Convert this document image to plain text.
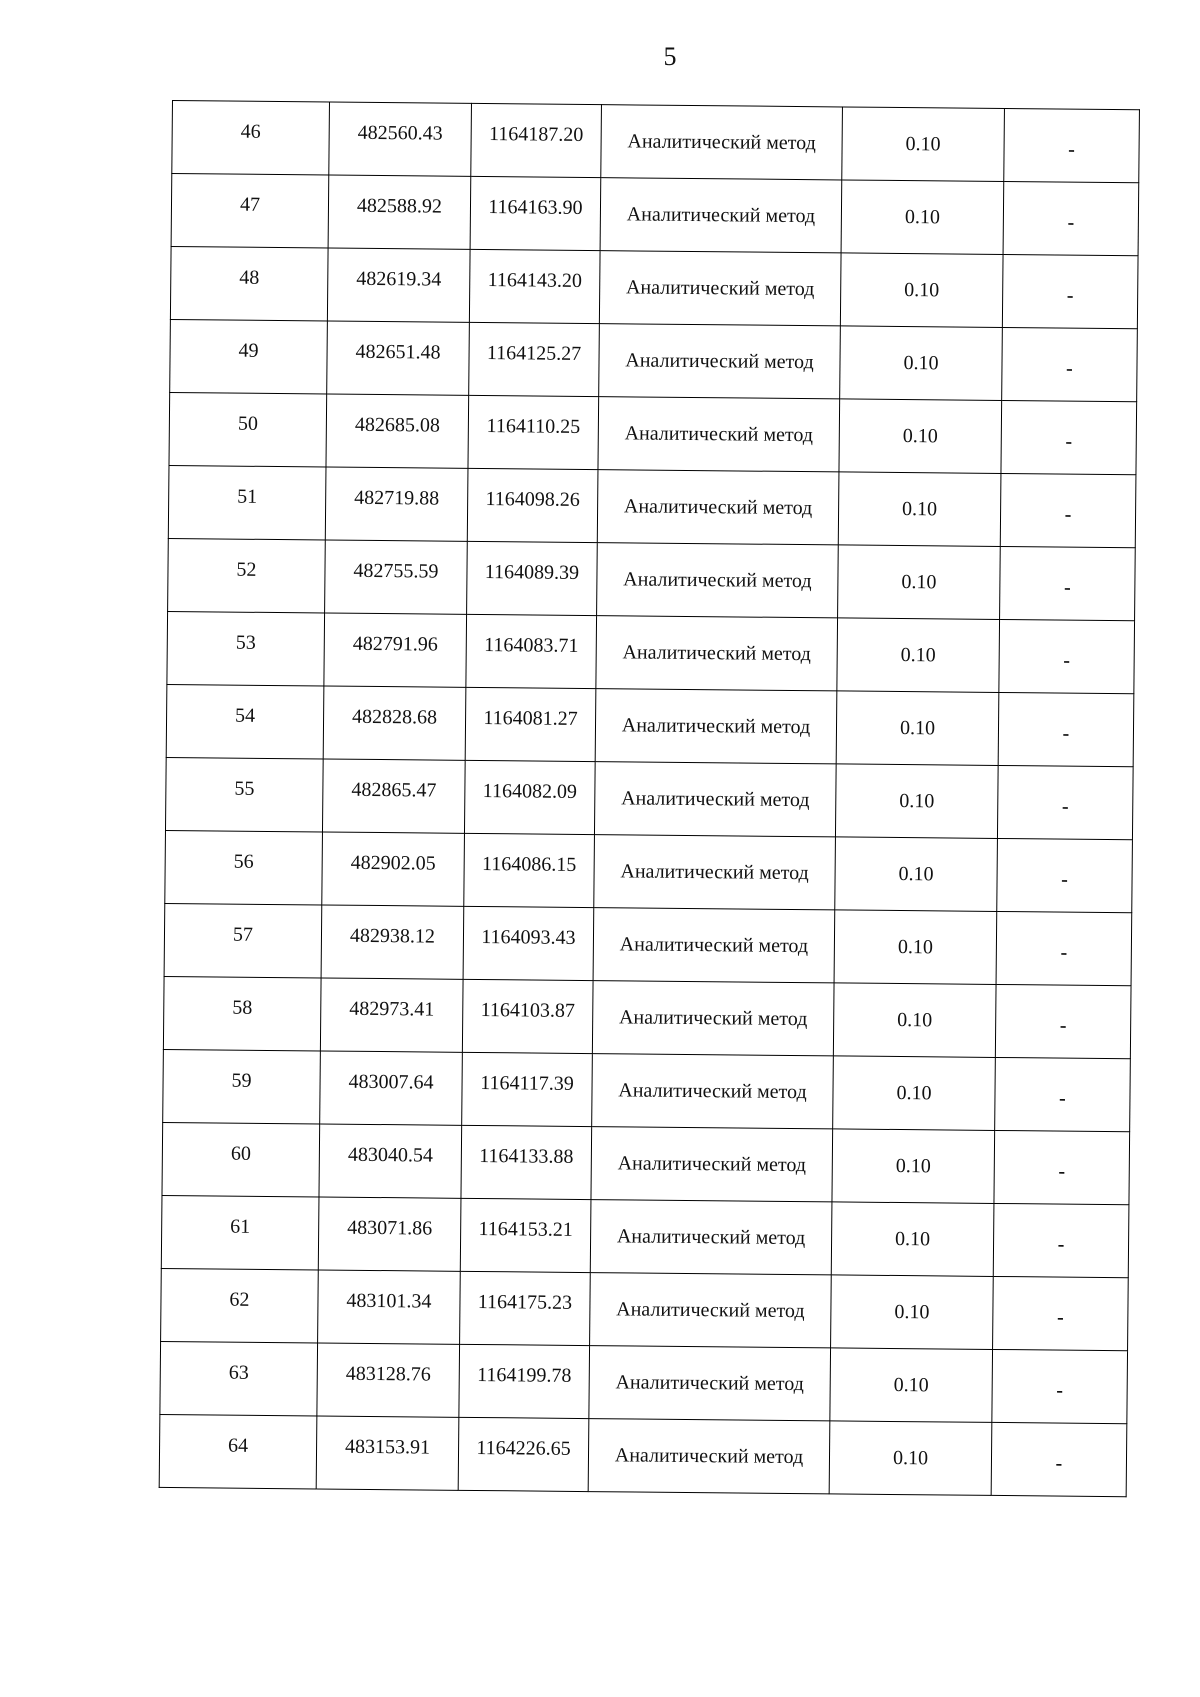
5
46	482560.43	1164187.20	Аналитический метод	0.10	-
47	482588.92	1164163.90	Аналитический метод	0.10	-
48	482619.34	1164143.20	Аналитический метод	0.10	-
49	482651.48	1164125.27	Аналитический метод	0.10	-
50	482685.08	1164110.25	Аналитический метод	0.10	-
51	482719.88	1164098.26	Аналитический метод	0.10	-
52	482755.59	1164089.39	Аналитический метод	0.10	-
53	482791.96	1164083.71	Аналитический метод	0.10	-
54	482828.68	1164081.27	Аналитический метод	0.10	-
55	482865.47	1164082.09	Аналитический метод	0.10	-
56	482902.05	1164086.15	Аналитический метод	0.10	-
57	482938.12	1164093.43	Аналитический метод	0.10	-
58	482973.41	1164103.87	Аналитический метод	0.10	-
59	483007.64	1164117.39	Аналитический метод	0.10	-
60	483040.54	1164133.88	Аналитический метод	0.10	-
61	483071.86	1164153.21	Аналитический метод	0.10	-
62	483101.34	1164175.23	Аналитический метод	0.10	-
63	483128.76	1164199.78	Аналитический метод	0.10	-
64	483153.91	1164226.65	Аналитический метод	0.10	-
